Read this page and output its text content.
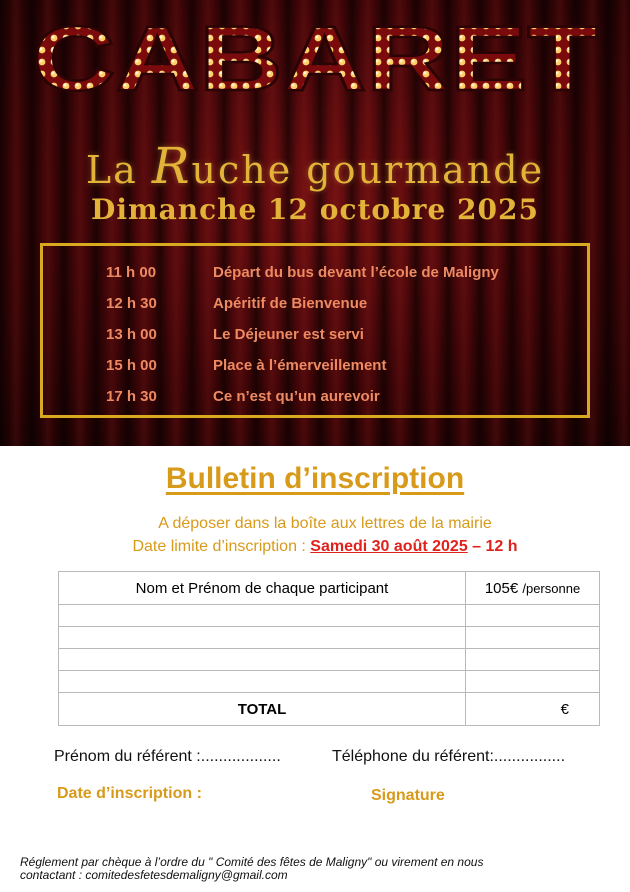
CABARET
La Ruche gourmande
Dimanche 12 octobre 2025
11 h 00	Départ du bus devant l’école de Maligny
12 h 30	Apéritif de Bienvenue
13 h 00	Le Déjeuner est servi
15 h 00	Place à l’émerveillement
17 h 30	Ce n’est qu’un aurevoir
Bulletin d’inscription
A déposer dans la boîte aux lettres de la mairie
Date limite d’inscription : Samedi 30 août 2025 – 12 h
Nom et Prénom de chaque participant	105€ /personne

TOTAL	€
Prénom du référent :..................	Téléphone du référent:................
Date d’inscription :	Signature
Réglement par chèque à l’ordre du " Comité des fêtes de Maligny" ou virement en nous
contactant : comitedesfetesdemaligny@gmail.com
